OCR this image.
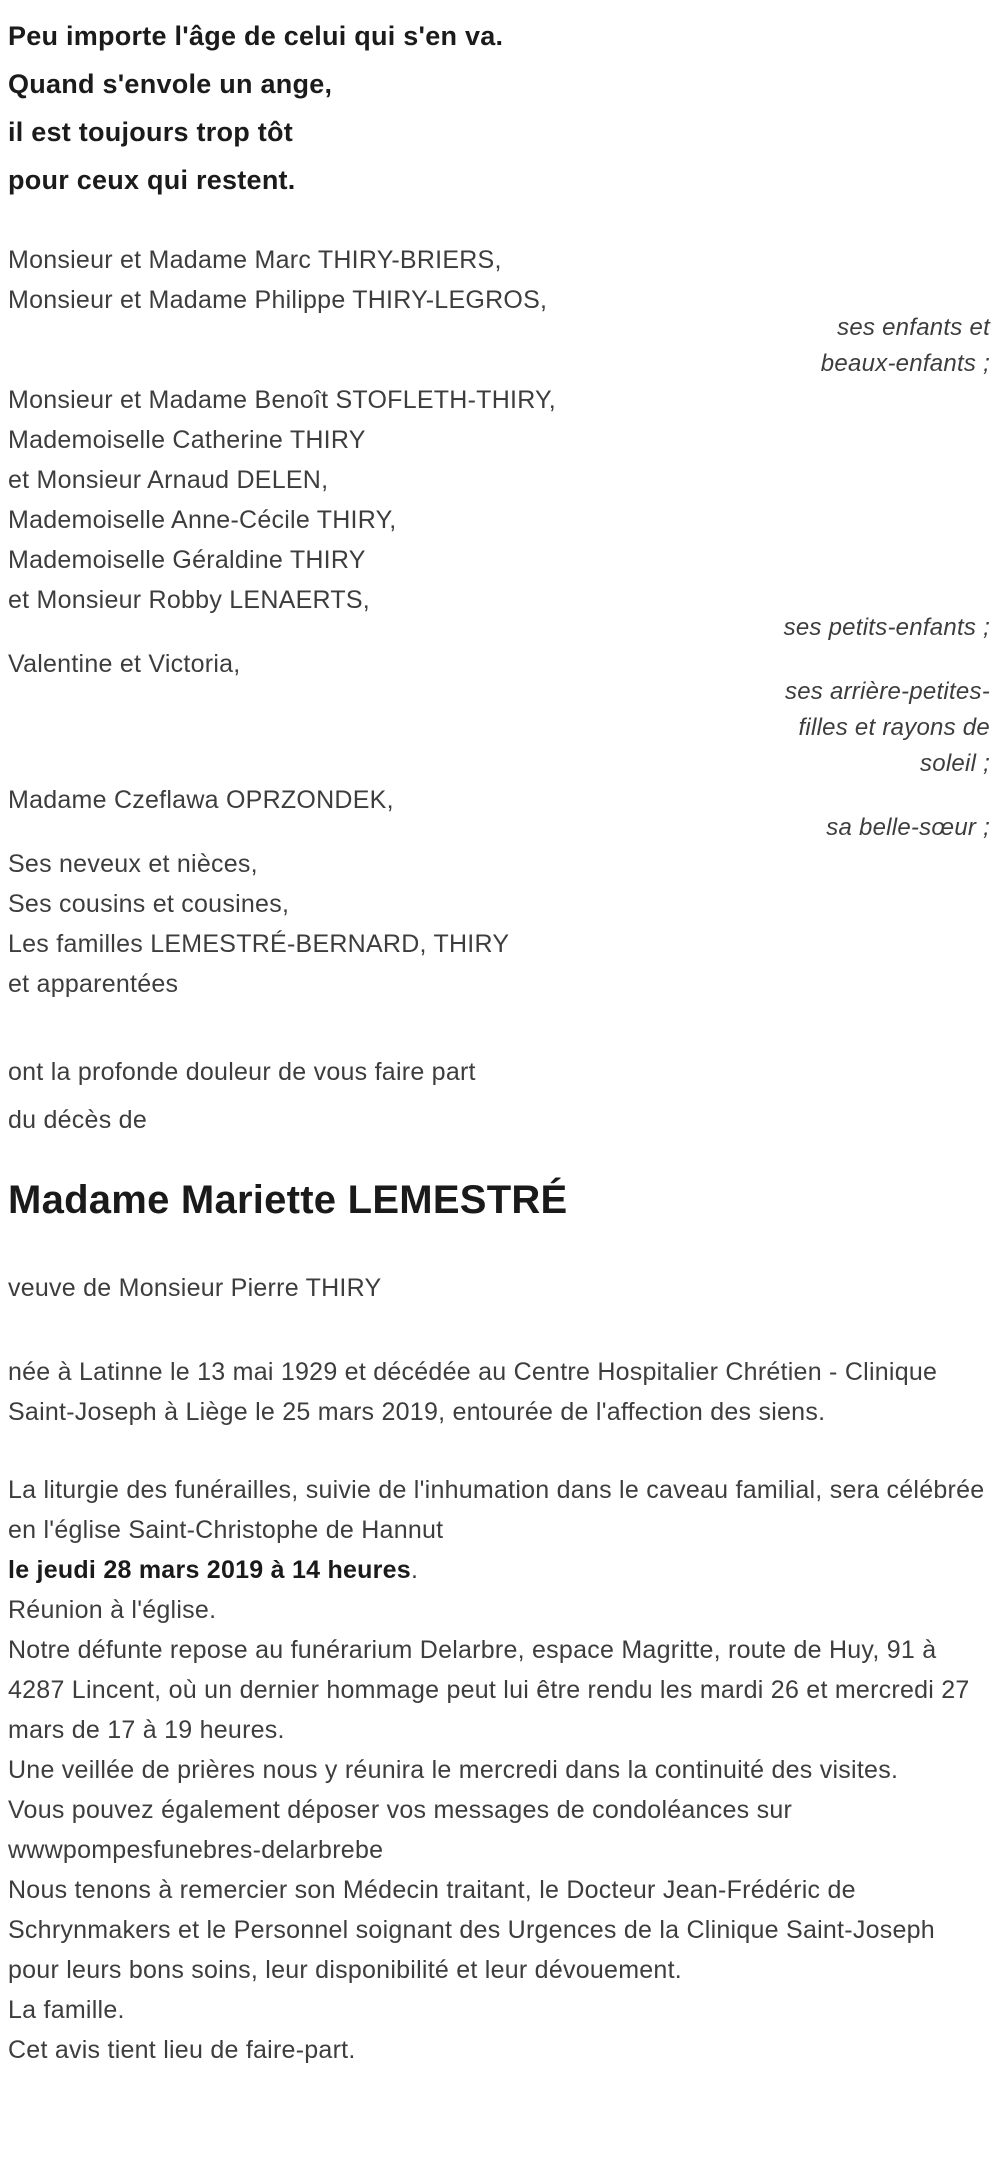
Peu importe l'âge de celui qui s'en va.

Quand s'envole un ange,

il est toujours trop tôt

pour ceux qui restent.

Monsieur et Madame Marc THIRY-BRIERS,

Monsieur et Madame Philippe THIRY-LEGROS,

ses enfants et

beaux-enfants ;

Monsieur et Madame Benoît STOFLETH-THIRY,

Mademoiselle Catherine THIRY

et Monsieur Arnaud DELEN,

Mademoiselle Anne-Cécile THIRY,

Mademoiselle Géraldine THIRY

et Monsieur Robby LENAERTS,

ses petits-enfants ;

Valentine et Victoria,

ses arrière-petites-

filles et rayons de

soleil ;

Madame Czeflawa OPRZONDEK,

sa belle-sœur ;

Ses neveux et nièces,

Ses cousins et cousines,

Les familles LEMESTRÉ-BERNARD, THIRY

et apparentées

ont la profonde douleur de vous faire part

du décès de

Madame Mariette LEMESTRÉ

veuve de Monsieur Pierre THIRY

née à Latinne le 13 mai 1929 et décédée au Centre Hospitalier Chrétien - Clinique Saint-Joseph à Liège le 25 mars 2019, entourée de l'affection des siens.

La liturgie des funérailles, suivie de l'inhumation dans le caveau familial, sera célébrée en l'église Saint-Christophe de Hannut

le jeudi 28 mars 2019 à 14 heures.

Réunion à l'église.

Notre défunte repose au funérarium Delarbre, espace Magritte, route de Huy, 91 à 4287 Lincent, où un dernier hommage peut lui être rendu les mardi 26 et mercredi 27 mars de 17 à 19 heures.

Une veillée de prières nous y réunira le mercredi dans la continuité des visites.

Vous pouvez également déposer vos messages de condoléances sur wwwpompesfunebres-delarbrebe

Nous tenons à remercier son Médecin traitant, le Docteur Jean-Frédéric de Schrynmakers et le Personnel soignant des Urgences de la Clinique Saint-Joseph pour leurs bons soins, leur disponibilité et leur dévouement.

La famille.

Cet avis tient lieu de faire-part.
